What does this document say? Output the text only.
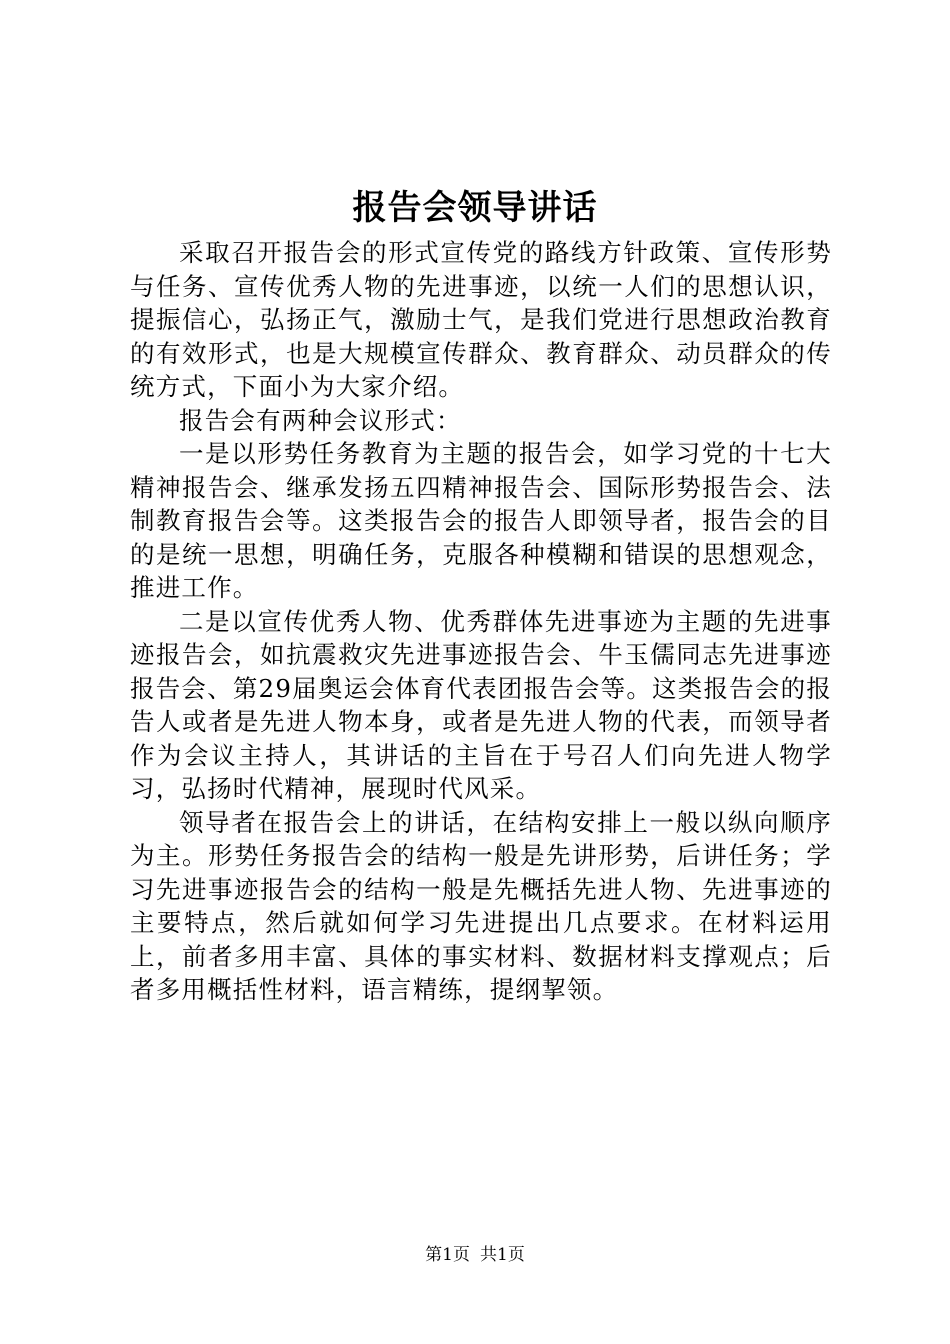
报告会领导讲话

采取召开报告会的形式宣传党的路线方针政策、宣传形势与任务、宣传优秀人物的先进事迹，以统一人们的思想认识，提振信心，弘扬正气，激励士气，是我们党进行思想政治教育的有效形式，也是大规模宣传群众、教育群众、动员群众的传统方式，下面小为大家介绍。

报告会有两种会议形式：

一是以形势任务教育为主题的报告会，如学习党的十七大精神报告会、继承发扬五四精神报告会、国际形势报告会、法制教育报告会等。这类报告会的报告人即领导者，报告会的目的是统一思想，明确任务，克服各种模糊和错误的思想观念，推进工作。

二是以宣传优秀人物、优秀群体先进事迹为主题的先进事迹报告会，如抗震救灾先进事迹报告会、牛玉儒同志先进事迹报告会、第29届奥运会体育代表团报告会等。这类报告会的报告人或者是先进人物本身，或者是先进人物的代表，而领导者作为会议主持人，其讲话的主旨在于号召人们向先进人物学习，弘扬时代精神，展现时代风采。

领导者在报告会上的讲话，在结构安排上一般以纵向顺序为主。形势任务报告会的结构一般是先讲形势，后讲任务；学习先进事迹报告会的结构一般是先概括先进人物、先进事迹的主要特点，然后就如何学习先进提出几点要求。在材料运用上，前者多用丰富、具体的事实材料、数据材料支撑观点；后者多用概括性材料，语言精练，提纲挈领。

第1页 共1页
